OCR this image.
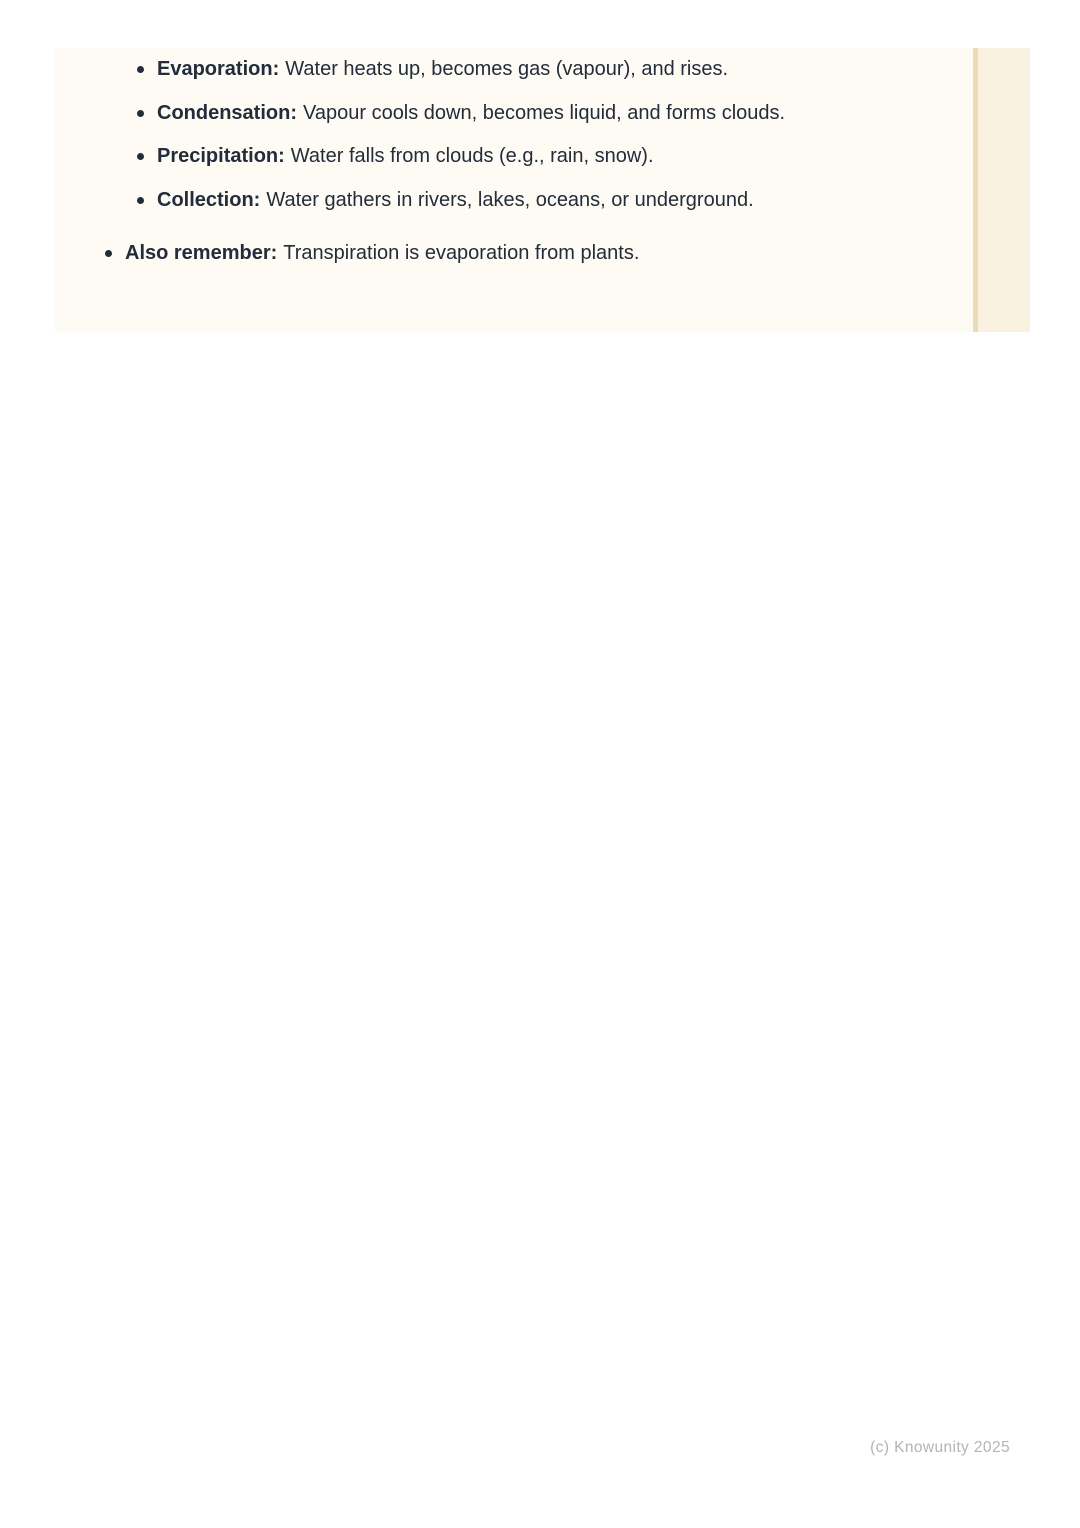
Evaporation: Water heats up, becomes gas (vapour), and rises.
Condensation: Vapour cools down, becomes liquid, and forms clouds.
Precipitation: Water falls from clouds (e.g., rain, snow).
Collection: Water gathers in rivers, lakes, oceans, or underground.
Also remember: Transpiration is evaporation from plants.
(c) Knowunity 2025
